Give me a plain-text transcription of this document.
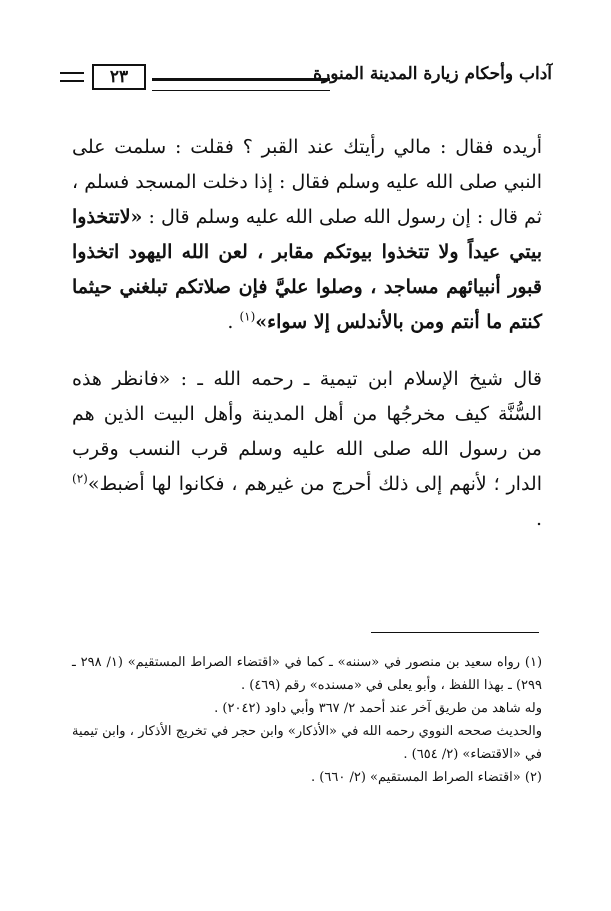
آداب وأحكام زيارة المدينة المنورة
٢٣

أريده فقال : مالي رأيتك عند القبر ؟ فقلت : سلمت على النبي صلى الله عليه وسلم فقال : إذا دخلت المسجد فسلم ، ثم قال : إن رسول الله صلى الله عليه وسلم قال : «لاتتخذوا بيتي عيداً ولا تتخذوا بيوتكم مقابر ، لعن الله اليهود اتخذوا قبور أنبيائهم مساجد ، وصلوا عليَّ فإن صلاتكم تبلغني حيثما كنتم ما أنتم ومن بالأندلس إلا سواء»$^{(١)}$ .

قال شيخ الإسلام ابن تيمية ـ رحمه الله ـ : «فانظر هذه السُّنَّة كيف مخرجُها من أهل المدينة وأهل البيت الذين هم من رسول الله صلى الله عليه وسلم قرب النسب وقرب الدار ؛ لأنهم إلى ذلك أحرج من غيرهم ، فكانوا لها أضبط»$^{(٢)}$ .

(١) رواه سعيد بن منصور في «سننه» ـ كما في «اقتضاء الصراط المستقيم» (١/ ٢٩٨ ـ ٢٩٩) ـ بهذا اللفظ ، وأبو يعلى في «مسنده» رقم (٤٦٩) .

وله شاهد من طريق آخر عند أحمد ٢/ ٣٦٧ وأبي داود (٢٠٤٢) .

والحديث صححه النووي رحمه الله في «الأذكار» وابن حجر في تخريج الأذكار ، وابن تيمية في «الاقتضاء» (٢/ ٦٥٤) .

(٢) «اقتضاء الصراط المستقيم» (٢/ ٦٦٠) .
